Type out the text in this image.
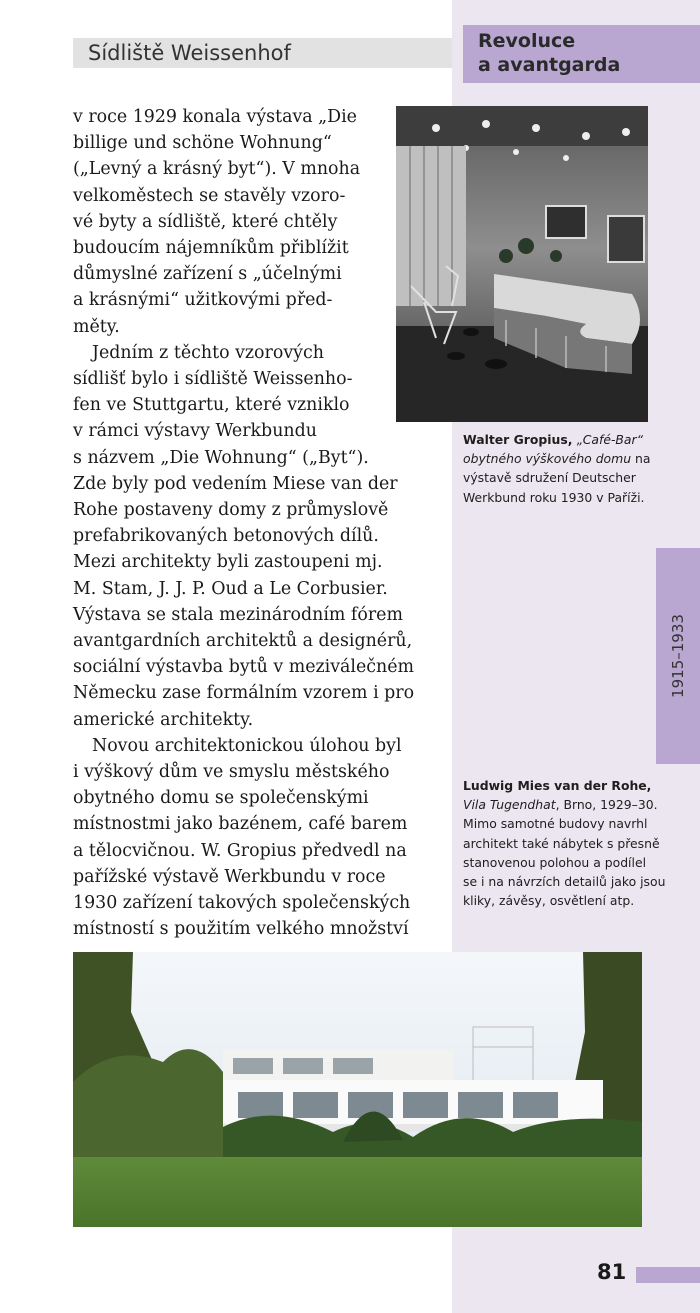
Sídliště Weissenhof	Revoluce
a avantgarda
v roce 1929 konala výstava „Die
billige und schöne Wohnung“
(„Levný a krásný byt“). V mnoha
velkoměstech se stavěly vzoro-
vé byty a sídliště, které chtěly
budoucím nájemníkům přiblížit
důmyslné zařízení s „účelnými
a krásnými“ užitkovými před-
měty.
Jedním z těchto vzorových
sídlišť bylo i sídliště Weissenho-
fen ve Stuttgartu, které vzniklo
v rámci výstavy Werkbundu
s názvem „Die Wohnung“ („Byt“).
Zde byly pod vedením Miese van der
Rohe postaveny domy z průmyslově
prefabrikovaných betonových dílů.
Mezi architekty byli zastoupeni mj.
M. Stam, J. J. P. Oud a Le Corbusier.
Výstava se stala mezinárodním fórem
avantgardních architektů a designérů,
sociální výstavba bytů v meziválečném
Německu zase formálním vzorem i pro
americké architekty.
Novou architektonickou úlohou byl
i výškový dům ve smyslu městského
obytného domu se společenskými
místnostmi jako bazénem, café barem
a tělocvičnou. W. Gropius předvedl na
pařížské výstavě Werkbundu v roce
1930 zařízení takových společenských
místností s použitím velkého množství
Walter Gropius, „Café-Bar“
obytného výškového domu na
výstavě sdružení Deutscher
Werkbund roku 1930 v Paříži.
1915–1933
Ludwig Mies van der Rohe,
Vila Tugendhat, Brno, 1929–30.
Mimo samotné budovy navrhl
architekt také nábytek s přesně
stanovenou polohou a podílel
se i na návrzích detailů jako jsou
kliky, závěsy, osvětlení atp.
81
